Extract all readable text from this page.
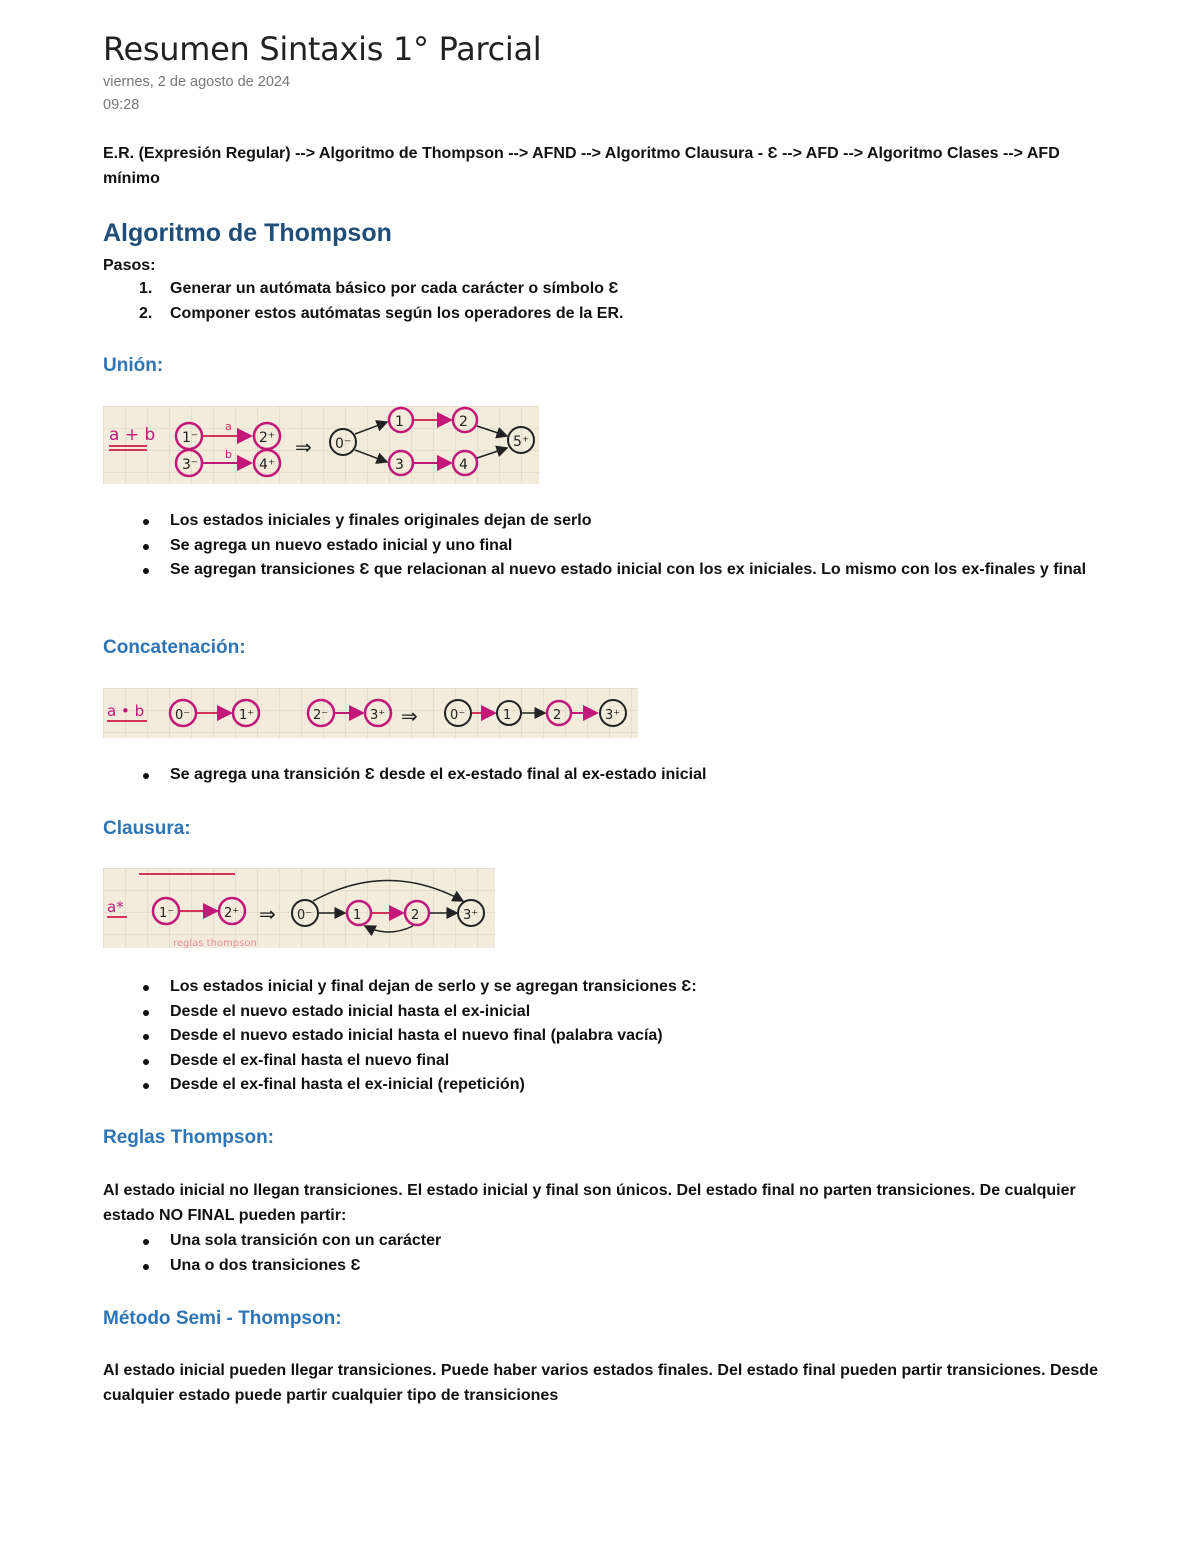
Resumen Sintaxis 1° Parcial
viernes, 2 de agosto de 2024
09:28
E.R. (Expresión Regular) --> Algoritmo de Thompson --> AFND --> Algoritmo Clausura - Ɛ --> AFD --> Algoritmo Clases --> AFD mínimo
Algoritmo de Thompson
Pasos:
1. Generar un autómata básico por cada carácter o símbolo Ɛ
2. Componer estos autómatas según los operadores de la ER.
Unión:
a + b 1⁻
a
2⁺
3⁻
b
4⁺
⇒ 0⁻
1	2
3	4
5⁺
Los estados iniciales y finales originales dejan de serlo
Se agrega un nuevo estado inicial y uno final
Se agregan transiciones Ɛ que relacionan al nuevo estado inicial con los ex iniciales. Lo mismo con los ex-finales y final
Concatenación:
a • b 0⁻	1⁺	2⁻	3⁺ ⇒ 0⁻	1	2	3⁺
Se agrega una transición Ɛ desde el ex-estado final al ex-estado inicial
Clausura:
a*	1⁻	2⁺ ⇒ 0⁻	1	2	3⁺
reglas thompson
Los estados inicial y final dejan de serlo y se agregan transiciones Ɛ:
Desde el nuevo estado inicial hasta el ex-inicial
Desde el nuevo estado inicial hasta el nuevo final (palabra vacía)
Desde el ex-final hasta el nuevo final
Desde el ex-final hasta el ex-inicial (repetición)
Reglas Thompson:
Al estado inicial no llegan transiciones. El estado inicial y final son únicos. Del estado final no parten transiciones. De cualquier estado NO FINAL pueden partir:
Una sola transición con un carácter
Una o dos transiciones Ɛ
Método Semi - Thompson:
Al estado inicial pueden llegar transiciones. Puede haber varios estados finales. Del estado final pueden partir transiciones. Desde cualquier estado puede partir cualquier tipo de transiciones
